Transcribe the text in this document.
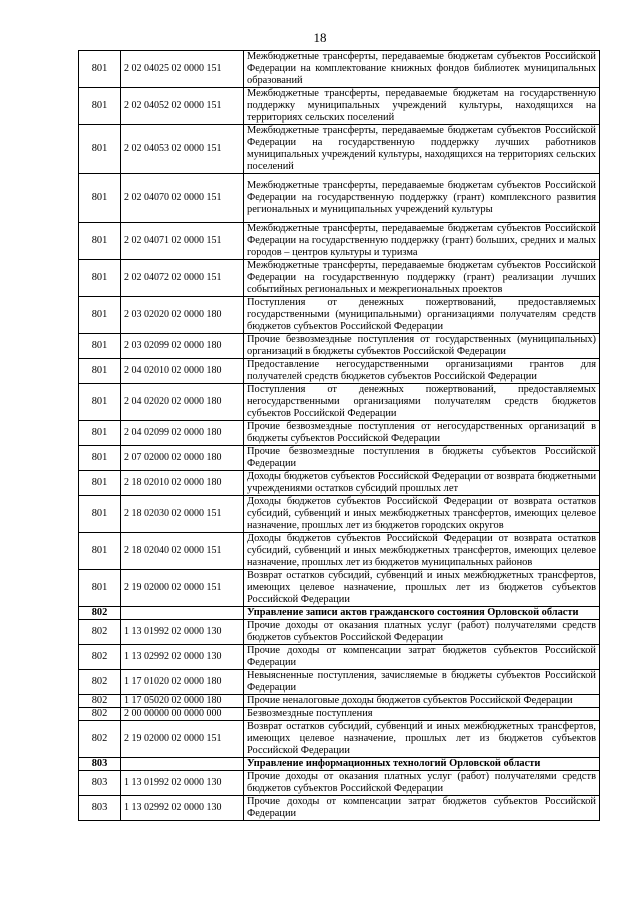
18
801	2 02 04025 02 0000 151	Межбюджетные трансферты, передаваемые бюджетам субъектов Российской Федерации на комплектование книжных фондов библиотек муниципальных образований
801	2 02 04052 02 0000 151	Межбюджетные трансферты, передаваемые бюджетам на государственную поддержку муниципальных учреждений культуры, находящихся на территориях сельских поселений
801	2 02 04053 02 0000 151	Межбюджетные трансферты, передаваемые бюджетам субъектов Российской Федерации на государственную поддержку лучших работников муниципальных учреждений культуры, находящихся на территориях сельских поселений
801	2 02 04070 02 0000 151	Межбюджетные трансферты, передаваемые бюджетам субъектов Российской Федерации на государственную поддержку (грант) комплексного развития региональных и муниципальных учреждений культуры
801	2 02 04071 02 0000 151	Межбюджетные трансферты, передаваемые бюджетам субъектов Российской Федерации на государственную поддержку (грант) больших, средних и малых городов – центров культуры и туризма
801	2 02 04072 02 0000 151	Межбюджетные трансферты, передаваемые бюджетам субъектов Российской Федерации на государственную поддержку (грант) реализации лучших событийных региональных и межрегиональных проектов
801	2 03 02020 02 0000 180	Поступления от денежных пожертвований, предоставляемых государственными (муниципальными) организациями получателям средств бюджетов субъектов Российской Федерации
801	2 03 02099 02 0000 180	Прочие безвозмездные поступления от государственных (муниципальных) организаций в бюджеты субъектов Российской Федерации
801	2 04 02010 02 0000 180	Предоставление негосударственными организациями грантов для получателей средств бюджетов субъектов Российской Федерации
801	2 04 02020 02 0000 180	Поступления от денежных пожертвований, предоставляемых негосударственными организациями получателям средств бюджетов субъектов Российской Федерации
801	2 04 02099 02 0000 180	Прочие безвозмездные поступления от негосударственных организаций в бюджеты субъектов Российской Федерации
801	2 07 02000 02 0000 180	Прочие безвозмездные поступления в бюджеты субъектов Российской Федерации
801	2 18 02010 02 0000 180	Доходы бюджетов субъектов Российской Федерации от возврата бюджетными учреждениями остатков субсидий прошлых лет
801	2 18 02030 02 0000 151	Доходы бюджетов субъектов Российской Федерации от возврата остатков субсидий, субвенций и иных межбюджетных трансфертов, имеющих целевое назначение, прошлых лет из бюджетов городских округов
801	2 18 02040 02 0000 151	Доходы бюджетов субъектов Российской Федерации от возврата остатков субсидий, субвенций и иных межбюджетных трансфертов, имеющих целевое назначение, прошлых лет из бюджетов муниципальных районов
801	2 19 02000 02 0000 151	Возврат остатков субсидий, субвенций и иных межбюджетных трансфертов, имеющих целевое назначение, прошлых лет из бюджетов субъектов Российской Федерации
802		Управление записи актов гражданского состояния Орловской области
802	1 13 01992 02 0000 130	Прочие доходы от оказания платных услуг (работ) получателями средств бюджетов субъектов Российской Федерации
802	1 13 02992 02 0000 130	Прочие доходы от компенсации затрат бюджетов субъектов Российской Федерации
802	1 17 01020 02 0000 180	Невыясненные поступления, зачисляемые в бюджеты субъектов Российской Федерации
802	1 17 05020 02 0000 180	Прочие неналоговые доходы бюджетов субъектов Российской Федерации
802	2 00 00000 00 0000 000	Безвозмездные поступления
802	2 19 02000 02 0000 151	Возврат остатков субсидий, субвенций и иных межбюджетных трансфертов, имеющих целевое назначение, прошлых лет из бюджетов субъектов Российской Федерации
803		Управление информационных технологий Орловской области
803	1 13 01992 02 0000 130	Прочие доходы от оказания платных услуг (работ) получателями средств бюджетов субъектов Российской Федерации
803	1 13 02992 02 0000 130	Прочие доходы от компенсации затрат бюджетов субъектов Российской Федерации
